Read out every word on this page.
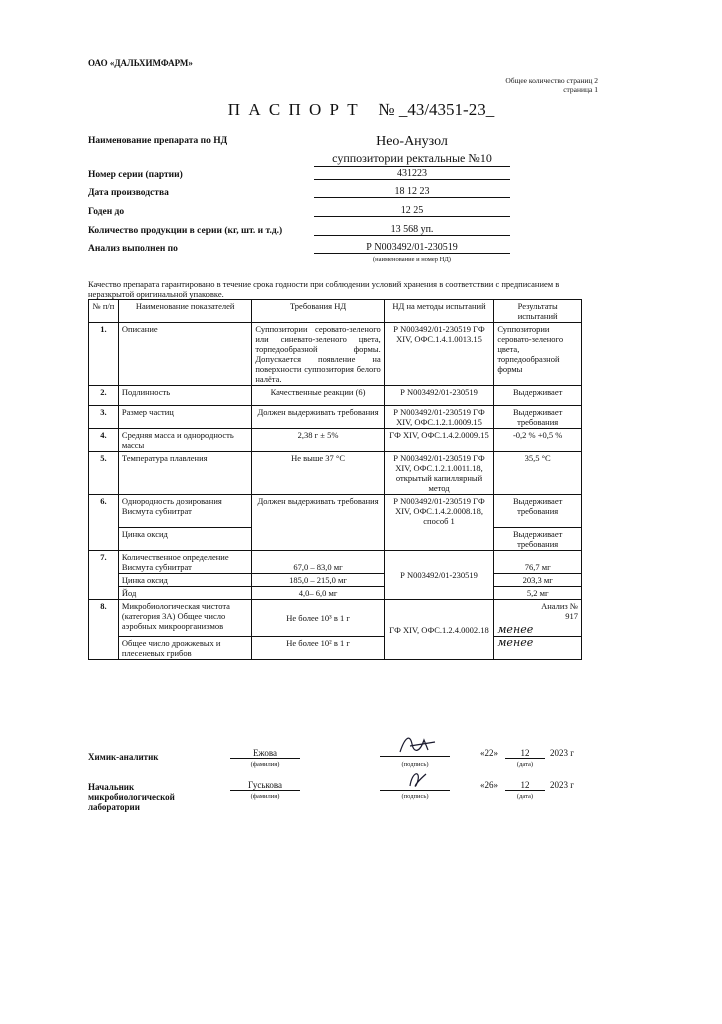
ОАО «ДАЛЬХИМФАРМ»
Общее количество страниц 2
страница 1
П А С П О Р Т № _43/4351-23_
Наименование препарата по НД	Нео-Анузол
суппозитории ректальные №10
Номер серии (партии)	431223
Дата производства	18 12 23
Годен до	12 25
Количество продукции в серии (кг, шт. и т.д.)	13 568 уп.
Анализ выполнен по	Р N003492/01-230519
(наименование и номер НД)
Качество препарата гарантировано в течение срока годности при соблюдении условий хранения в соответствии с предписанием в неразкрытой оригинальной упаковке.
№ п/п	Наименование показателей	Требования НД	НД на методы испытаний	Результаты испытаний
1.	Описание	Суппозитории серовато-зеленого или синевато-зеленого цвета, торпедообразной формы. Допускается появление на поверхности суппозитория белого налёта.	Р N003492/01-230519 ГФ XIV, ОФС.1.4.1.0013.15	Суппозитории серовато-зеленого цвета, торпедообразной формы
2.	Подлинность	Качественные реакции (6)	Р N003492/01-230519	Выдерживает
3.	Размер частиц	Должен выдерживать требования	Р N003492/01-230519 ГФ XIV, ОФС.1.2.1.0009.15	Выдерживает требования
4.	Средняя масса и однородность массы	2,38 г ± 5%	ГФ XIV, ОФС.1.4.2.0009.15	-0,2 % +0,5 %
5.	Температура плавления	Не выше 37 °С	Р N003492/01-230519 ГФ XIV, ОФС.1.2.1.0011.18, открытый капиллярный метод	35,5 °С
6.	Однородность дозирования Висмута субнитрат	Должен выдерживать требования	Р N003492/01-230519 ГФ XIV, ОФС.1.4.2.0008.18, способ 1	Выдерживает требования
	Цинка оксид			Выдерживает требования
7.	Количественное определение Висмута субнитрат	67,0 – 83,0 мг	Р N003492/01-230519	76,7 мг
	Цинка оксид	185,0 – 215,0 мг		203,3 мг
	Йод	4,0– 6,0 мг		5,2 мг
8.	Микробиологическая чистота (категория 3А) Общее число аэробных микроорганизмов	Не более 10³ в 1 г	ГФ XIV, ОФС.1.2.4.0002.18	Анализ № 917
менее

	Общее число дрожжевых и плесеневых грибов	Не более 10² в 1 г		менее
Химик-аналитик	Ежова
(фамилия)	(подпись)
«22»	12	2023 г
(дата)
Начальник микробиологической лаборатории
Гуськова
(фамилия)	(подпись)
«26»	12	2023 г
(дата)
